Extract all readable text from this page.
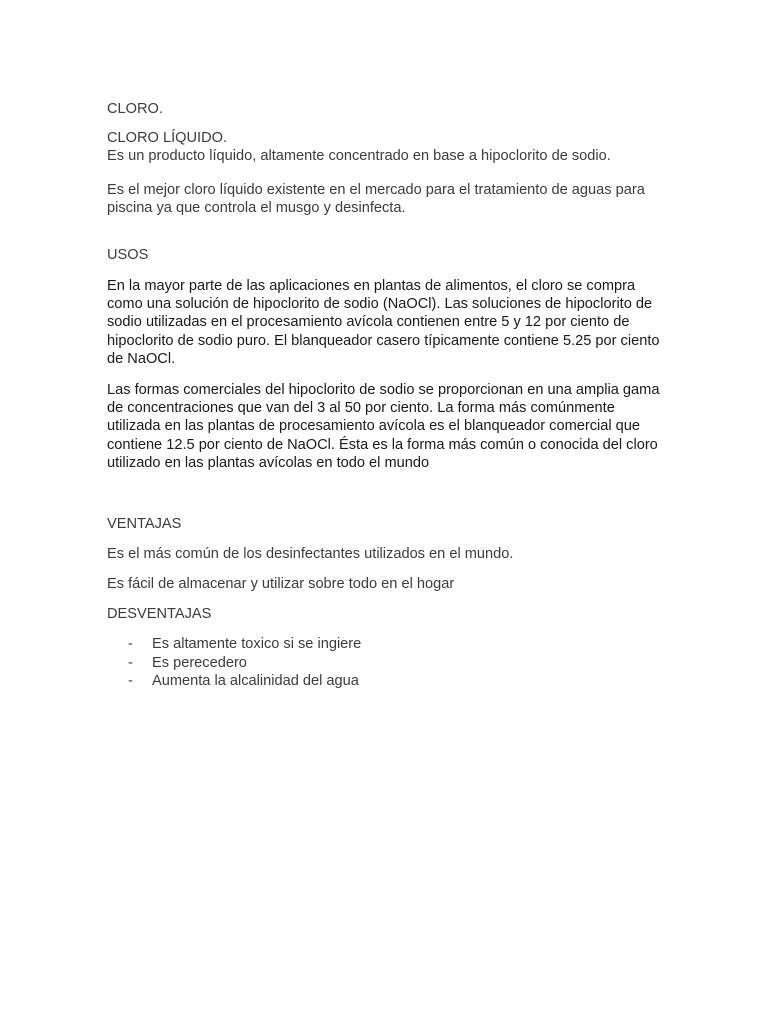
CLORO.

CLORO LÍQUIDO.

Es un producto líquido, altamente concentrado en base a hipoclorito de sodio.

Es el mejor cloro líquido existente en el mercado para el tratamiento de aguas para piscina ya que controla el musgo y desinfecta.

USOS

En la mayor parte de las aplicaciones en plantas de alimentos, el cloro se compra como una solución de hipoclorito de sodio (NaOCl). Las soluciones de hipoclorito de sodio utilizadas en el procesamiento avícola contienen entre 5 y 12 por ciento de hipoclorito de sodio puro. El blanqueador casero típicamente contiene 5.25 por ciento de NaOCl.

Las formas comerciales del hipoclorito de sodio se proporcionan en una amplia gama de concentraciones que van del 3 al 50 por ciento. La forma más comúnmente utilizada en las plantas de procesamiento avícola es el blanqueador comercial que contiene 12.5 por ciento de NaOCl. Ésta es la forma más común o conocida del cloro utilizado en las plantas avícolas en todo el mundo

VENTAJAS

Es el más común de los desinfectantes utilizados en el mundo.

Es fácil de almacenar y utilizar sobre todo en el hogar

DESVENTAJAS

- Es altamente toxico si se ingiere
- Es perecedero
- Aumenta la alcalinidad del agua
